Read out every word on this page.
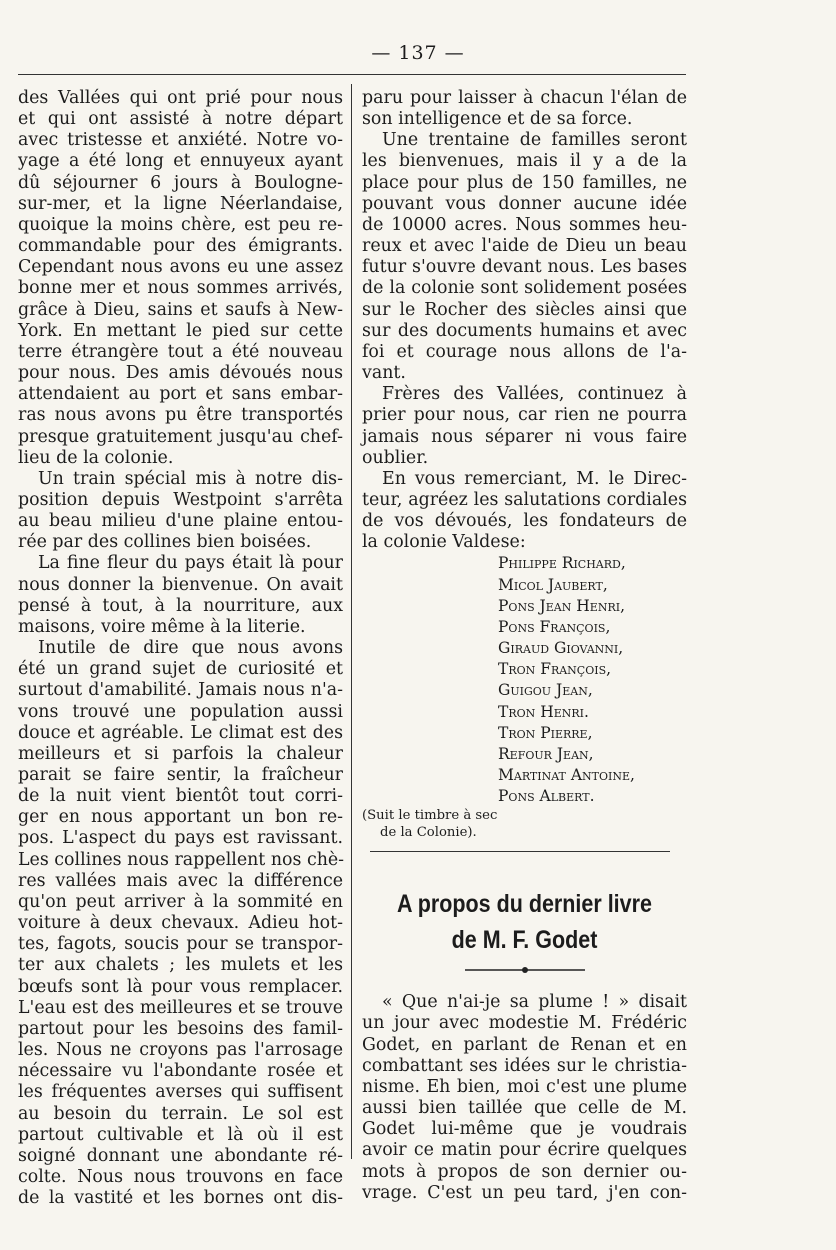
— 137 —
des Vallées qui ont prié pour nous
et qui ont assisté à notre départ
avec tristesse et anxiété. Notre vo-
yage a été long et ennuyeux ayant
dû séjourner 6 jours à Boulogne-
sur-mer, et la ligne Néerlandaise,
quoique la moins chère, est peu re-
commandable pour des émigrants.
Cependant nous avons eu une assez
bonne mer et nous sommes arrivés,
grâce à Dieu, sains et saufs à New-
York. En mettant le pied sur cette
terre étrangère tout a été nouveau
pour nous. Des amis dévoués nous
attendaient au port et sans embar-
ras nous avons pu être transportés
presque gratuitement jusqu'au chef-
lieu de la colonie.
Un train spécial mis à notre dis-
position depuis Westpoint s'arrêta
au beau milieu d'une plaine entou-
rée par des collines bien boisées.
La fine fleur du pays était là pour
nous donner la bienvenue. On avait
pensé à tout, à la nourriture, aux
maisons, voire même à la literie.
Inutile de dire que nous avons
été un grand sujet de curiosité et
surtout d'amabilité. Jamais nous n'a-
vons trouvé une population aussi
douce et agréable. Le climat est des
meilleurs et si parfois la chaleur
parait se faire sentir, la fraîcheur
de la nuit vient bientôt tout corri-
ger en nous apportant un bon re-
pos. L'aspect du pays est ravissant.
Les collines nous rappellent nos chè-
res vallées mais avec la différence
qu'on peut arriver à la sommité en
voiture à deux chevaux. Adieu hot-
tes, fagots, soucis pour se transpor-
ter aux chalets ; les mulets et les
bœufs sont là pour vous remplacer.
L'eau est des meilleures et se trouve
partout pour les besoins des famil-
les. Nous ne croyons pas l'arrosage
nécessaire vu l'abondante rosée et
les fréquentes averses qui suffisent
au besoin du terrain. Le sol est
partout cultivable et là où il est
soigné donnant une abondante ré-
colte. Nous nous trouvons en face
de la vastité et les bornes ont dis-
paru pour laisser à chacun l'élan de
son intelligence et de sa force.
Une trentaine de familles seront
les bienvenues, mais il y a de la
place pour plus de 150 familles, ne
pouvant vous donner aucune idée
de 10000 acres. Nous sommes heu-
reux et avec l'aide de Dieu un beau
futur s'ouvre devant nous. Les bases
de la colonie sont solidement posées
sur le Rocher des siècles ainsi que
sur des documents humains et avec
foi et courage nous allons de l'a-
vant.
Frères des Vallées, continuez à
prier pour nous, car rien ne pourra
jamais nous séparer ni vous faire
oublier.
En vous remerciant, M. le Direc-
teur, agréez les salutations cordiales
de vos dévoués, les fondateurs de
la colonie Valdese:
Philippe Richard,
Micol Jaubert,
Pons Jean Henri,
Pons François,
Giraud Giovanni,
Tron François,
Guigou Jean,
Tron Henri.
Tron Pierre,
Refour Jean,
Martinat Antoine,
Pons Albert.
(Suit le timbre à sec
de la Colonie).
A propos du dernier livre
de M. F. Godet
« Que n'ai-je sa plume ! » disait
un jour avec modestie M. Frédéric
Godet, en parlant de Renan et en
combattant ses idées sur le christia-
nisme. Eh bien, moi c'est une plume
aussi bien taillée que celle de M.
Godet lui-même que je voudrais
avoir ce matin pour écrire quelques
mots à propos de son dernier ou-
vrage. C'est un peu tard, j'en con-
